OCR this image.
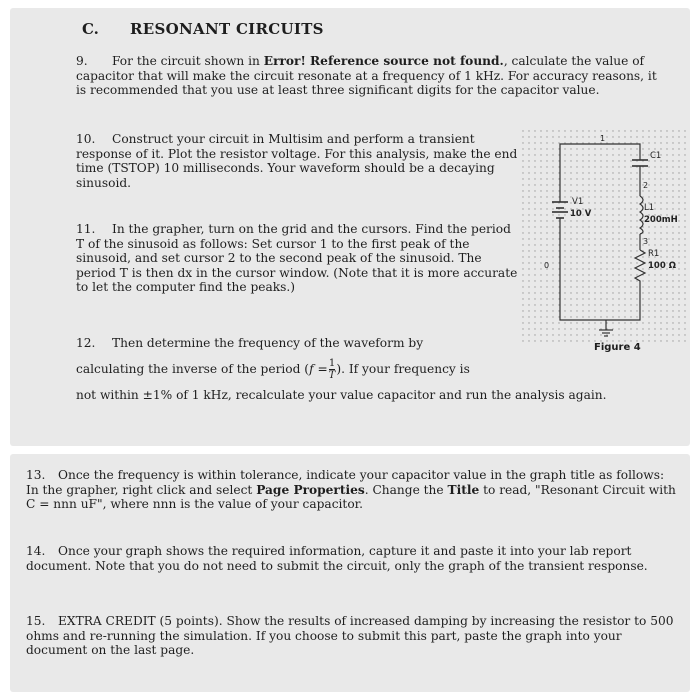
C. RESONANT CIRCUITS
9. For the circuit shown in Error! Reference source not found., calculate the value of capacitor that will make the circuit resonate at a frequency of 1 kHz. For accuracy reasons, it is recommended that you use at least three significant digits for the capacitor value.
10. Construct your circuit in Multisim and perform a transient response of it. Plot the resistor voltage. For this analysis, make the end time (TSTOP) 10 milliseconds. Your waveform should be a decaying sinusoid.
11. In the grapher, turn on the grid and the cursors. Find the period T of the sinusoid as follows: Set cursor 1 to the first peak of the sinusoid, and set cursor 2 to the second peak of the sinusoid. The period T is then dx in the cursor window. (Note that it is more accurate to let the computer find the peaks.)
12. Then determine the frequency of the waveform by
calculating the inverse of the period ($f = \frac{1}{T}$ ). If your frequency is
not within ±1% of 1 kHz, recalculate your value capacitor and run the analysis again.
C1
V1
10 V
L1
200mH
R1
100 Ω
1
2
3
0
Figure 4
13. Once the frequency is within tolerance, indicate your capacitor value in the graph title as follows: In the grapher, right click and select Page Properties. Change the Title to read, "Resonant Circuit with C = nnn uF", where nnn is the value of your capacitor.
14. Once your graph shows the required information, capture it and paste it into your lab report document. Note that you do not need to submit the circuit, only the graph of the transient response.
15. EXTRA CREDIT (5 points). Show the results of increased damping by increasing the resistor to 500 ohms and re-running the simulation. If you choose to submit this part, paste the graph into your document on the last page.
